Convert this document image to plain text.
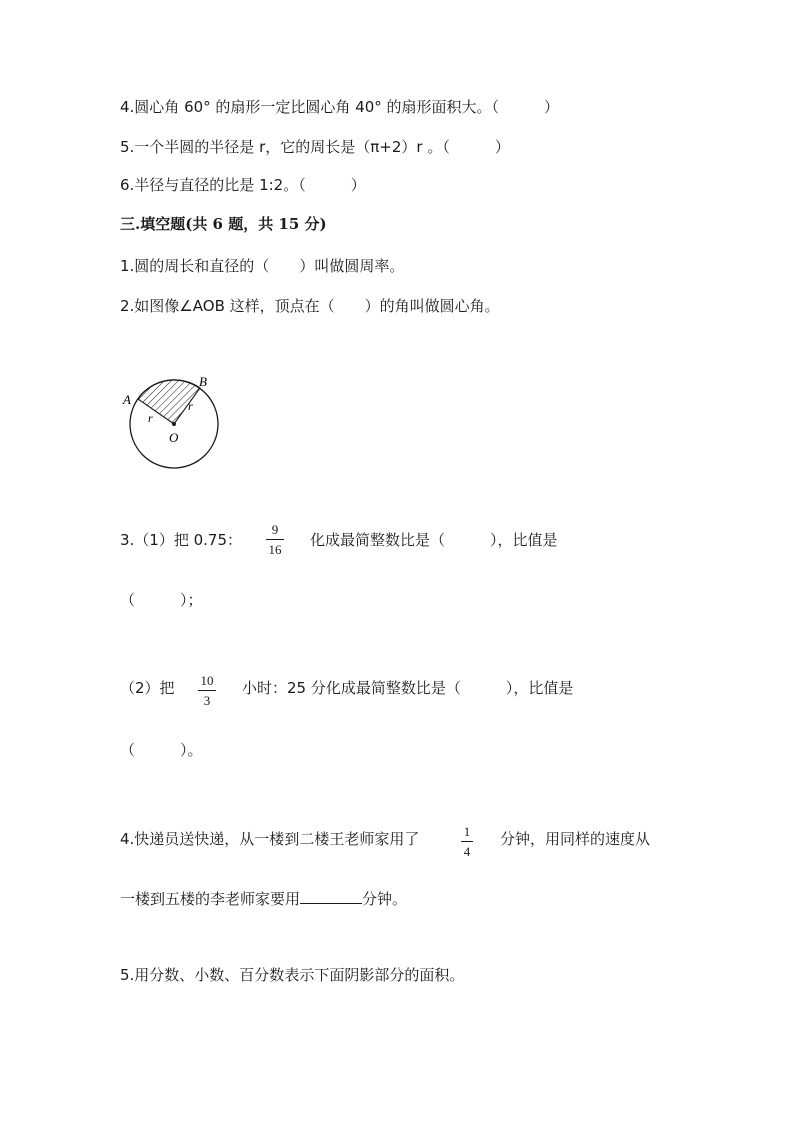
4.圆心角 60° 的扇形一定比圆心角 40° 的扇形面积大。（　　　）
5.一个半圆的半径是 r，它的周长是（π+2）r 。（　　　）
6.半径与直径的比是 1:2。（　　　）
三.填空题(共 6 题，共 15 分)
1.圆的周长和直径的（　　）叫做圆周率。
2.如图像∠AOB 这样，顶点在（　　）的角叫做圆心角。
A
B
O
r
r
3.（1）把 0.75：
9
16
化成最简整数比是（　　　），比值是
（　　　）；
（2）把 10
3
小时：25 分化成最简整数比是（　　　），比值是
（　　　）。
4.快递员送快递，从一楼到二楼王老师家用了	1
4
分钟，用同样的速度从
一楼到五楼的李老师家要用	分钟。
5.用分数、小数、百分数表示下面阴影部分的面积。
